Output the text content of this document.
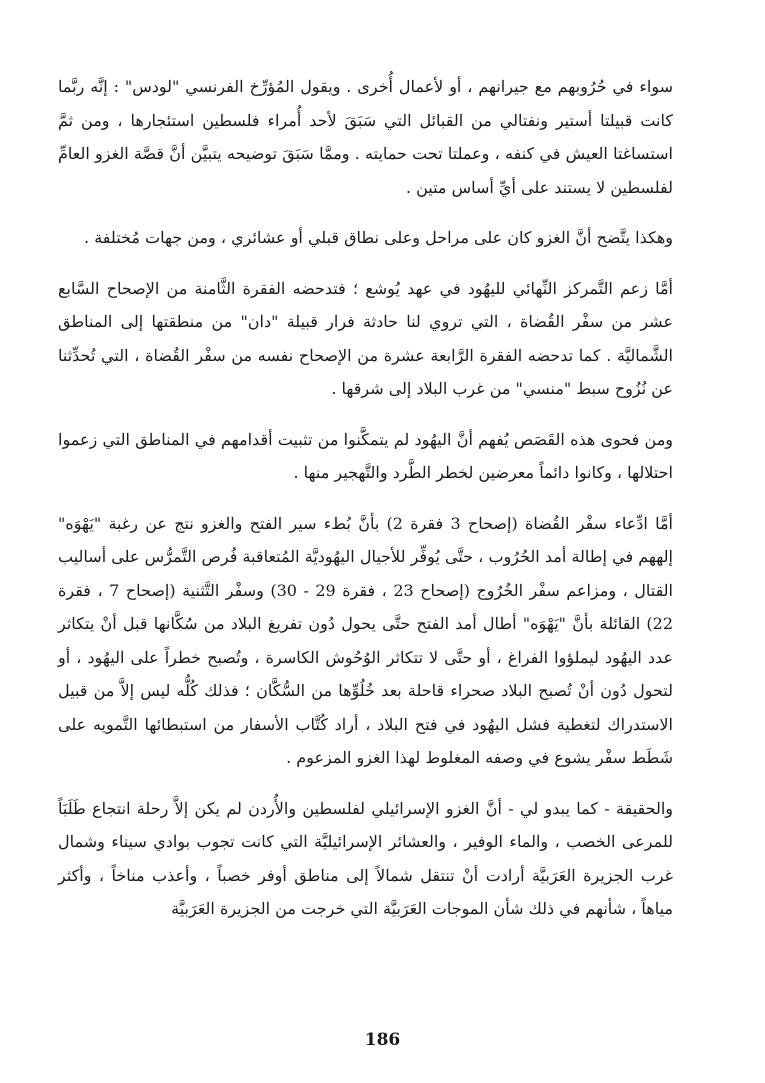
سواء في حُرُوبهم مع جيرانهم ، أو لأعمال أُخرى . ويقول المُؤرِّخ الفرنسي "لودس" : إنَّه ربَّما كانت قبيلتا أستير ونفتالي من القبائل التي سَبَقَ لأحد أُمراء فلسطين استئجارها ، ومن ثمَّ استساغتا العيش في كنفه ، وعملتا تحت حمايته . وممَّا سَبَقَ توضيحه يتبيَّن أنَّ قصَّة الغزو العامِّ لفلسطين لا يستند على أيِّ أساس متين .

وهكذا يتَّضح أنَّ الغزو كان على مراحل وعلى نطاق قبلي أو عشائري ، ومن جهات مُختلفة .

أمَّا زعم التَّمركز النِّهائي لليهُود في عهد يُوشع ؛ فتدحضه الفقرة الثَّامنة من الإصحاح السَّابع عشر من سفْر القُضاة ، التي تروي لنا حادثة فرار قبيلة "دان" من منطقتها إلى المناطق الشَّماليَّة . كما تدحضه الفقرة الرَّابعة عشرة من الإصحاح نفسه من سفْر القُضاة ، التي تُحدِّثنا عن نُزُوح سبط "منسي" من غرب البلاد إلى شرقها .

ومن فحوى هذه القَصَص يُفهم أنَّ اليهُود لم يتمكَّنوا من تثبيت أقدامهم في المناطق التي زعموا احتلالها ، وكانوا دائماً معرضين لخطر الطَّرد والتَّهجير منها .

أمَّا ادِّعاء سفْر القُضاة (إصحاح 3 فقرة 2) بأنَّ بُطء سير الفتح والغزو نتج عن رغبة "يَهْوَه" إلههم في إطالة أمد الحُرُوب ، حتَّى يُوفِّر للأجيال اليهُوديَّة المُتعاقبة فُرص التَّمرُّس على أساليب القتال ، ومزاعم سفْر الخُرُوج (إصحاح 23 ، فقرة 29 - 30) وسفْر التَّثنية (إصحاح 7 ، فقرة 22) القائلة بأنَّ "يَهْوَه" أطال أمد الفتح حتَّى يحول دُون تفريغ البلاد من سُكَّانها قبل أنْ يتكاثر عدد اليهُود ليملؤوا الفراغ ، أو حتَّى لا تتكاثر الوُحُوش الكاسرة ، وتُصبح خطراً على اليهُود ، أو لتحول دُون أنْ تُصبح البلاد صحراء قاحلة بعد خُلُوِّها من السُّكَّان ؛ فذلك كُلُّه ليس إلاَّ من قبيل الاستدراك لتغطية فشل اليهُود في فتح البلاد ، أراد كُتَّاب الأسفار من استبطائها التَّمويه على شَطَط سفْر يشوع في وصفه المغلوط لهذا الغزو المزعوم .

والحقيقة - كما يبدو لي - أنَّ الغزو الإسرائيلي لفلسطين والأُردن لم يكن إلاَّ رحلة انتجاع طَلَبَاً للمرعى الخصب ، والماء الوفير ، والعشائر الإسرائيليَّة التي كانت تجوب بوادي سيناء وشمال غرب الجزيرة العَرَبيَّة أرادت أنْ تنتقل شمالاً إلى مناطق أوفر خصباً ، وأعذب مناخاً ، وأكثر مياهاً ، شأنهم في ذلك شأن الموجات العَرَبيَّة التي خرجت من الجزيرة العَرَبيَّة

186
